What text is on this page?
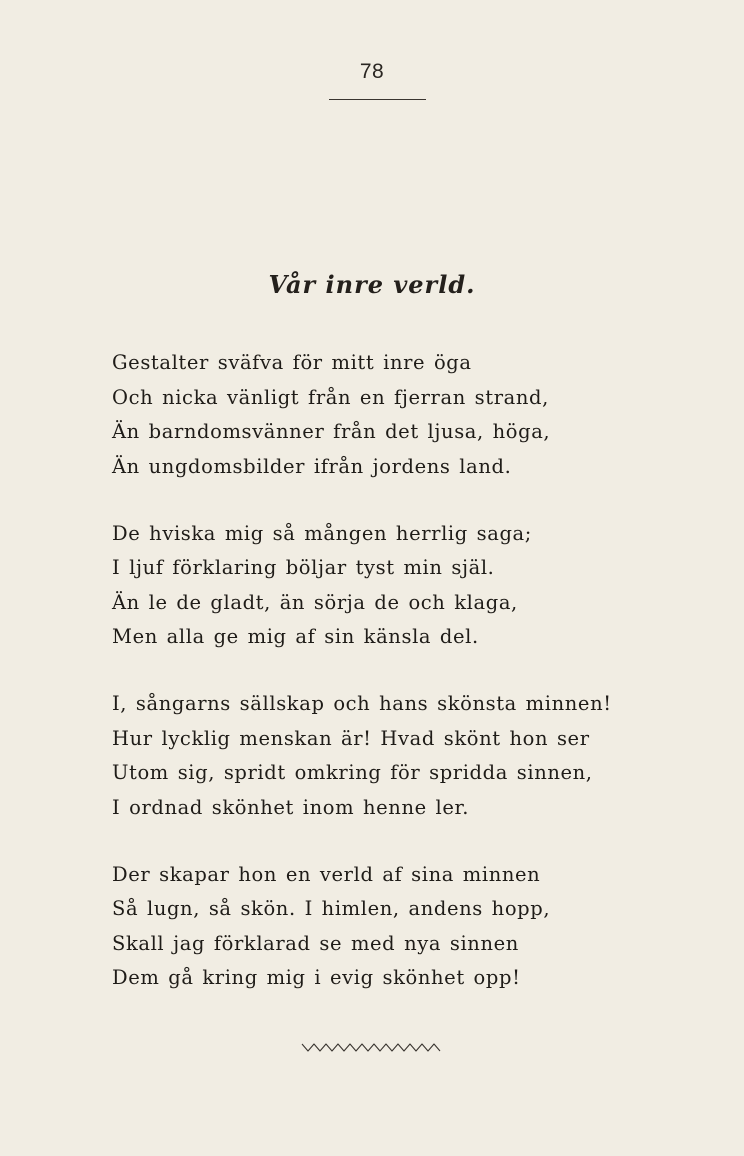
78
Vår inre verld.
Gestalter sväfva för mitt inre öga
Och nicka vänligt från en fjerran strand,
Än barndomsvänner från det ljusa, höga,
Än ungdomsbilder ifrån jordens land.
De hviska mig så mången herrlig saga;
I ljuf förklaring böljar tyst min själ.
Än le de gladt, än sörja de och klaga,
Men alla ge mig af sin känsla del.
I, sångarns sällskap och hans skönsta minnen!
Hur lycklig menskan är! Hvad skönt hon ser
Utom sig, spridt omkring för spridda sinnen,
I ordnad skönhet inom henne ler.
Der skapar hon en verld af sina minnen
Så lugn, så skön. I himlen, andens hopp,
Skall jag förklarad se med nya sinnen
Dem gå kring mig i evig skönhet opp!
